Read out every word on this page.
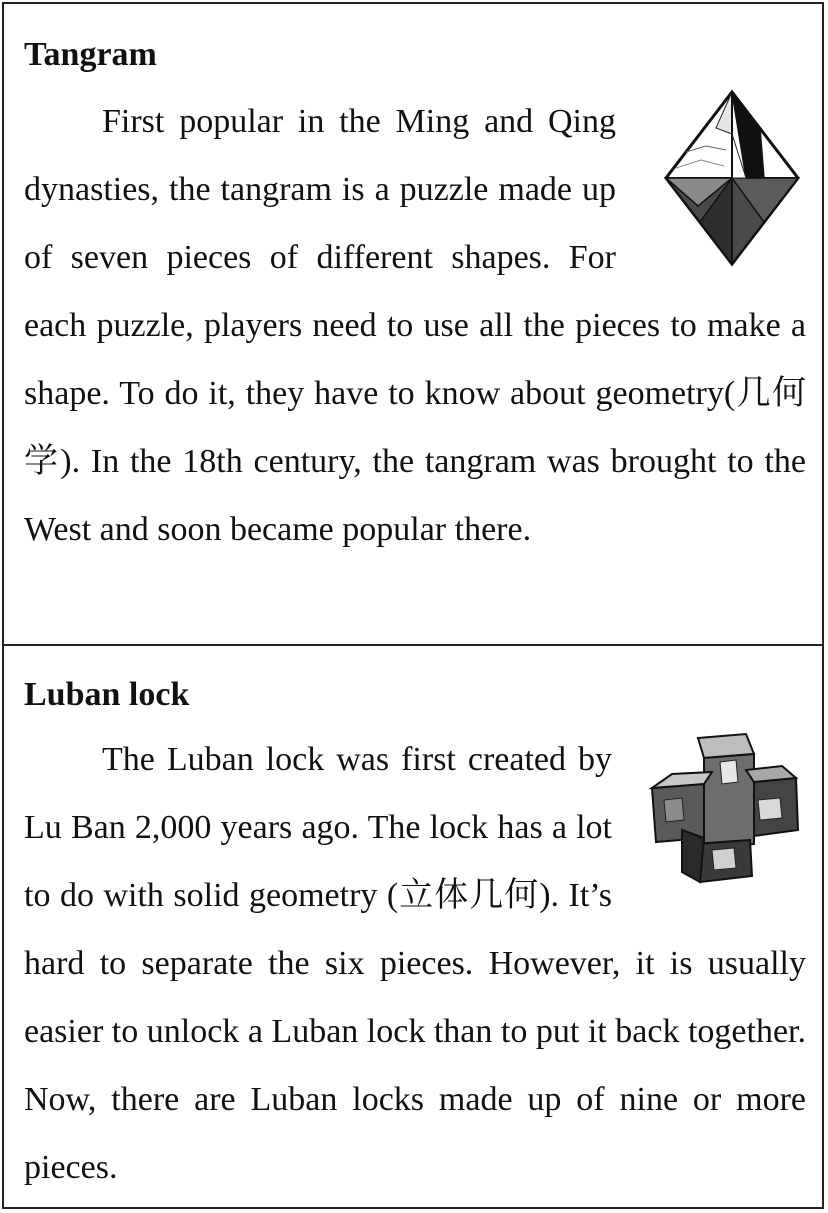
Tangram

First popular in the Ming and Qing dynasties, the tangram is a puzzle made up of seven pieces of different shapes. For each puzzle, players need to use all the pieces to make a shape. To do it, they have to know about geometry(几何学). In the 18th century, the tangram was brought to the West and soon became popular there.

Luban lock

The Luban lock was first created by Lu Ban 2,000 years ago. The lock has a lot to do with solid geometry (立体几何). It’s hard to separate the six pieces. However, it is usually easier to unlock a Luban lock than to put it back together. Now, there are Luban locks made up of nine or more pieces.
